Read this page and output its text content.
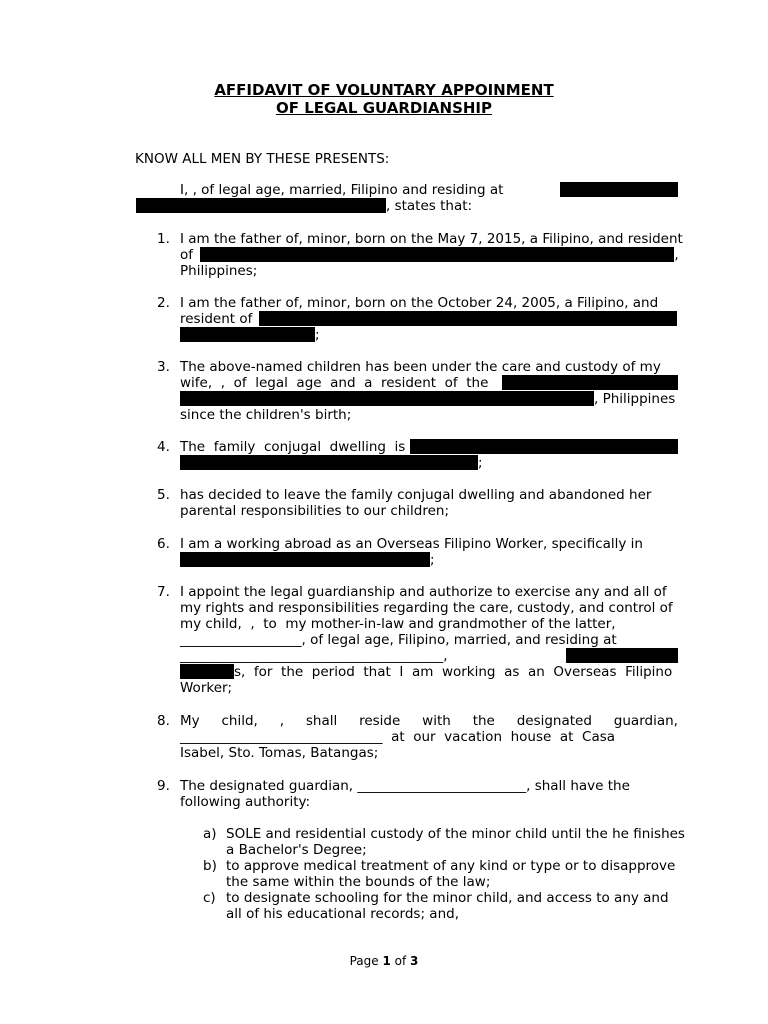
AFFIDAVIT OF VOLUNTARY APPOINMENT
OF LEGAL GUARDIANSHIP
KNOW ALL MEN BY THESE PRESENTS:
I, , of legal age, married, Filipino and residing at
, states that:
1. I am the father of, minor, born on the May 7, 2015, a Filipino, and resident
of	,
Philippines;
2. I am the father of, minor, born on the October 24, 2005, a Filipino, and
resident of
;
3. The above-named children has been under the care and custody of my
wife,  ,  of  legal  age  and  a  resident  of  the
, Philippines
since the children's birth;
4. The  family  conjugal  dwelling  is
;
5. has decided to leave the family conjugal dwelling and abandoned her
parental responsibilities to our children;
6. I am a working abroad as an Overseas Filipino Worker, specifically in
;
7. I appoint the legal guardianship and authorize to exercise any and all of
my rights and responsibilities regarding the care, custody, and control of
my child,  ,  to  my mother-in-law and grandmother of the latter,
__________________, of legal age, Filipino, married, and residing at
_______________________________________,
s,  for  the  period  that  I  am  working  as  an  Overseas  Filipino
Worker;
8. My child, , shall reside with the designated guardian,
______________________________  at  our  vacation  house  at  Casa
Isabel, Sto. Tomas, Batangas;
9. The designated guardian, _________________________, shall have the
following authority:
a) SOLE and residential custody of the minor child until the he finishes
a Bachelor's Degree;
b) to approve medical treatment of any kind or type or to disapprove
the same within the bounds of the law;
c) to designate schooling for the minor child, and access to any and
all of his educational records; and,
Page 1 of 3
